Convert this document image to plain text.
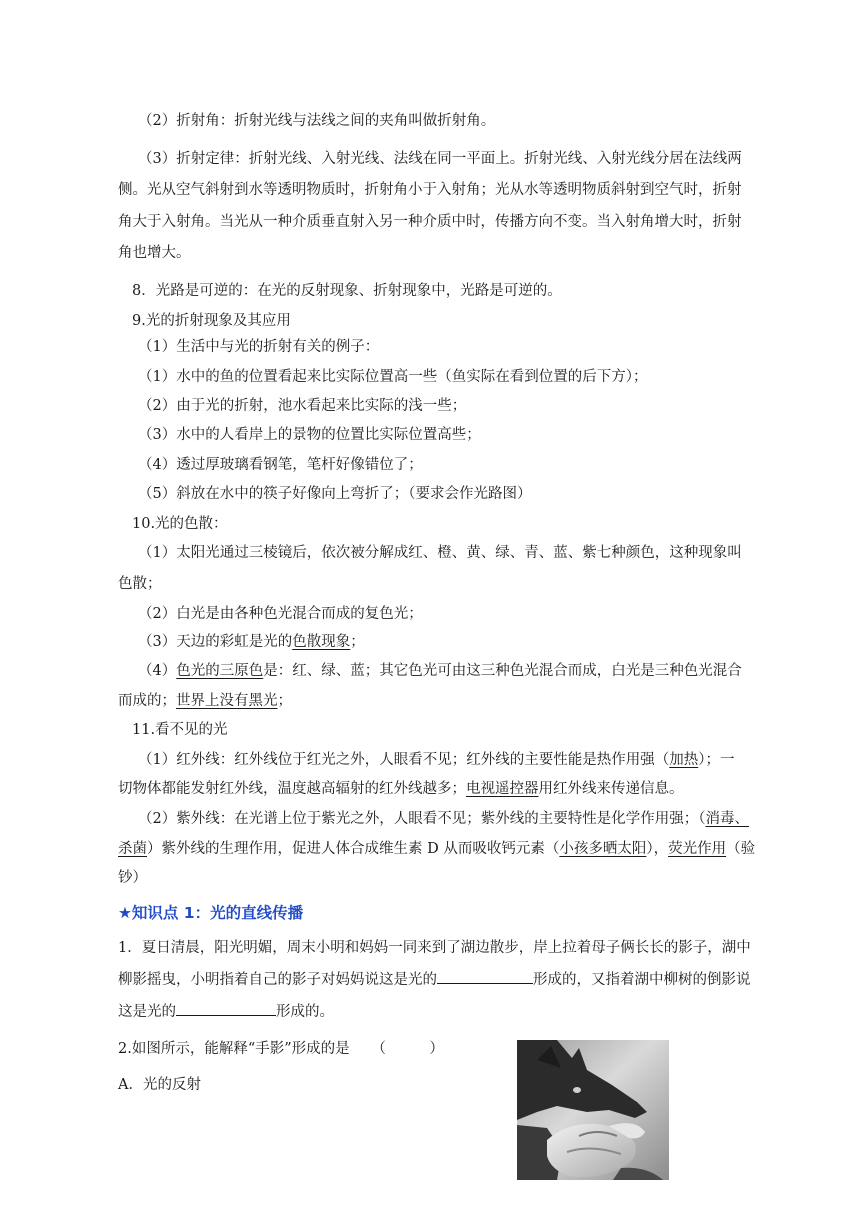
（2）折射角：折射光线与法线之间的夹角叫做折射角。
（3）折射定律：折射光线、入射光线、法线在同一平面上。折射光线、入射光线分居在法线两
侧。光从空气斜射到水等透明物质时，折射角小于入射角；光从水等透明物质斜射到空气时，折射
角大于入射角。当光从一种介质垂直射入另一种介质中时，传播方向不变。当入射角增大时，折射
角也增大。
8．光路是可逆的：在光的反射现象、折射现象中，光路是可逆的。
9.光的折射现象及其应用
（1）生活中与光的折射有关的例子：
（1）水中的鱼的位置看起来比实际位置高一些（鱼实际在看到位置的后下方）；
（2）由于光的折射，池水看起来比实际的浅一些；
（3）水中的人看岸上的景物的位置比实际位置高些；
（4）透过厚玻璃看钢笔，笔杆好像错位了；
（5）斜放在水中的筷子好像向上弯折了；（要求会作光路图）
10.光的色散：
（1）太阳光通过三棱镜后，依次被分解成红、橙、黄、绿、青、蓝、紫七种颜色，这种现象叫
色散；
（2）白光是由各种色光混合而成的复色光；
（3）天边的彩虹是光的色散现象；
（4）色光的三原色是：红、绿、蓝；其它色光可由这三种色光混合而成，白光是三种色光混合
而成的；世界上没有黑光；
11.看不见的光
（1）红外线：红外线位于红光之外，人眼看不见；红外线的主要性能是热作用强（加热）；一
切物体都能发射红外线，温度越高辐射的红外线越多；电视遥控器用红外线来传递信息。
（2）紫外线：在光谱上位于紫光之外，人眼看不见；紫外线的主要特性是化学作用强；（消毒、
杀菌）紫外线的生理作用，促进人体合成维生素 D 从而吸收钙元素（小孩多晒太阳），荧光作用（验
钞）
★知识点 1：光的直线传播
1．夏日清晨，阳光明媚，周末小明和妈妈一同来到了湖边散步，岸上拉着母子俩长长的影子，湖中
柳影摇曳，小明指着自己的影子对妈妈说这是光的	形成的，又指着湖中柳树的倒影说
这是光的	形成的。
2.如图所示，能解释“手影”形成的是　　（　　　）
A．光的反射
